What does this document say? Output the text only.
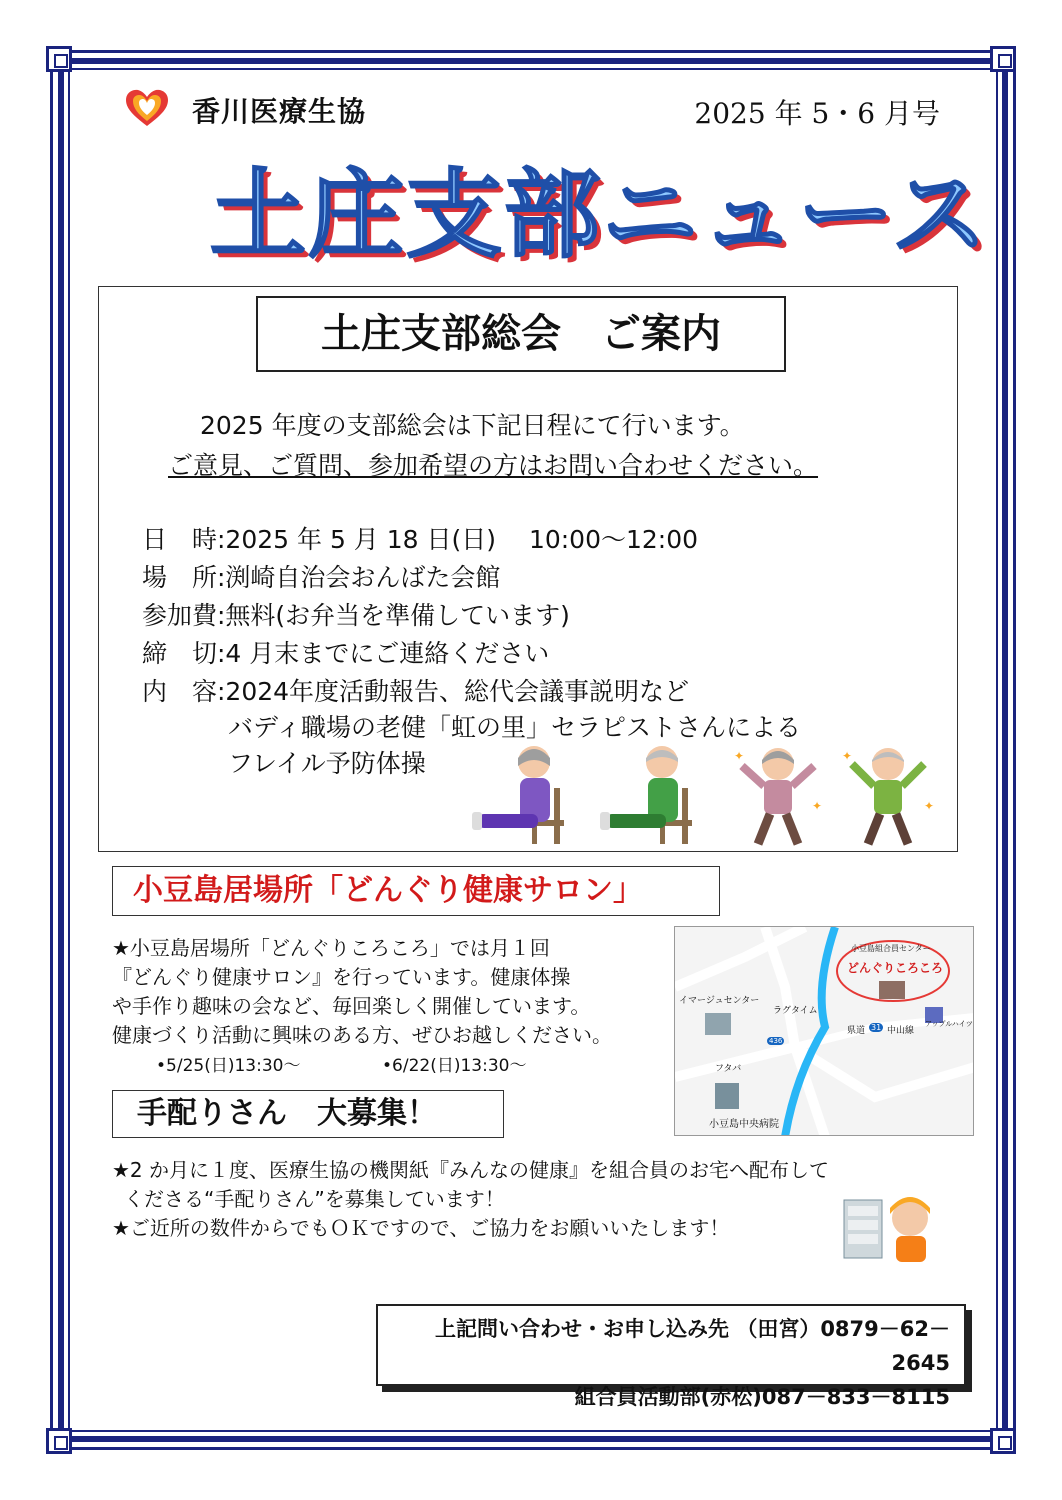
香川医療生協	2025 年 5・6 月号
土庄支部ニュース
土庄支部総会　ご案内
2025 年度の支部総会は下記日程にて行います。
ご意見、ご質問、参加希望の方はお問い合わせください。
日　時:2025 年 5 月 18 日(日)　 10:00～12:00
場　所:渕崎自治会おんばた会館
参加費:無料(お弁当を準備しています)
締　切:4 月末までにご連絡ください
内　容:2024年度活動報告、総代会議事説明など
バディ職場の老健「虹の里」セラピストさんによる
フレイル予防体操	✦
✦
✦
✦
小豆島居場所「どんぐり健康サロン」
★小豆島居場所「どんぐりころころ」では月１回
『どんぐり健康サロン』を行っています。健康体操
や手作り趣味の会など、毎回楽しく開催しています。
健康づくり活動に興味のある方、ぜひお越しください。
•5/25(日)13:30～	•6/22(日)13:30～
小豆島組合員センター
どんぐりころころ
イマージュセンター
ラグタイム
県道 31 中山線
アップルハイツ
436
フタバ
小豆島中央病院
手配りさん　大募集！
★2 か月に１度、医療生協の機関紙『みんなの健康』を組合員のお宅へ配布して
くださる“手配りさん”を募集しています！
★ご近所の数件からでもＯＫですので、ご協力をお願いいたします！
上記問い合わせ・お申し込み先 （田宮）0879－62－2645
組合員活動部(赤松)087－833－8115
